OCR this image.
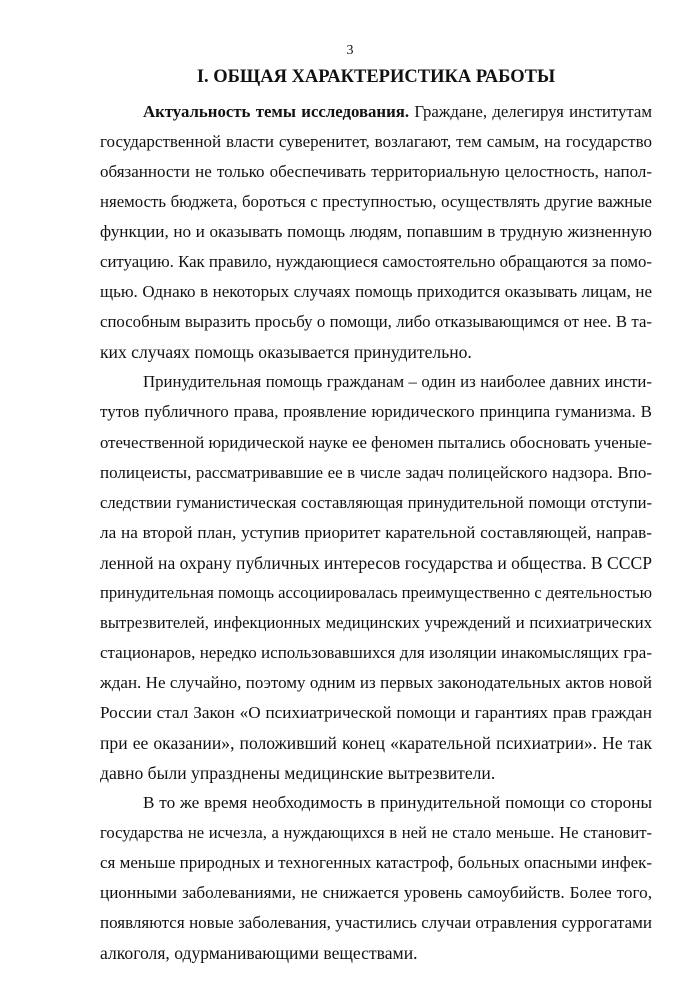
3
I. ОБЩАЯ ХАРАКТЕРИСТИКА РАБОТЫ
Актуальность темы исследования. Граждане, делегируя институтам
государственной власти суверенитет, возлагают, тем самым, на государство
обязанности не только обеспечивать территориальную целостность, напол-
няемость бюджета, бороться с преступностью, осуществлять другие важные
функции, но и оказывать помощь людям, попавшим в трудную жизненную
ситуацию. Как правило, нуждающиеся самостоятельно обращаются за помо-
щью. Однако в некоторых случаях помощь приходится оказывать лицам, не
способным выразить просьбу о помощи, либо отказывающимся от нее. В та-
ких случаях помощь оказывается принудительно.
Принудительная помощь гражданам – один из наиболее давних инсти-
тутов публичного права, проявление юридического принципа гуманизма. В
отечественной юридической науке ее феномен пытались обосновать ученые-
полицеисты, рассматривавшие ее в числе задач полицейского надзора. Впо-
следствии гуманистическая составляющая принудительной помощи отступи-
ла на второй план, уступив приоритет карательной составляющей, направ-
ленной на охрану публичных интересов государства и общества. В СССР
принудительная помощь ассоциировалась преимущественно с деятельностью
вытрезвителей, инфекционных медицинских учреждений и психиатрических
стационаров, нередко использовавшихся для изоляции инакомыслящих гра-
ждан. Не случайно, поэтому одним из первых законодательных актов новой
России стал Закон «О психиатрической помощи и гарантиях прав граждан
при ее оказании», положивший конец «карательной психиатрии». Не так
давно были упразднены медицинские вытрезвители.
В то же время необходимость в принудительной помощи со стороны
государства не исчезла, а нуждающихся в ней не стало меньше. Не становит-
ся меньше природных и техногенных катастроф, больных опасными инфек-
ционными заболеваниями, не снижается уровень самоубийств. Более того,
появляются новые заболевания, участились случаи отравления суррогатами
алкоголя, одурманивающими веществами.
